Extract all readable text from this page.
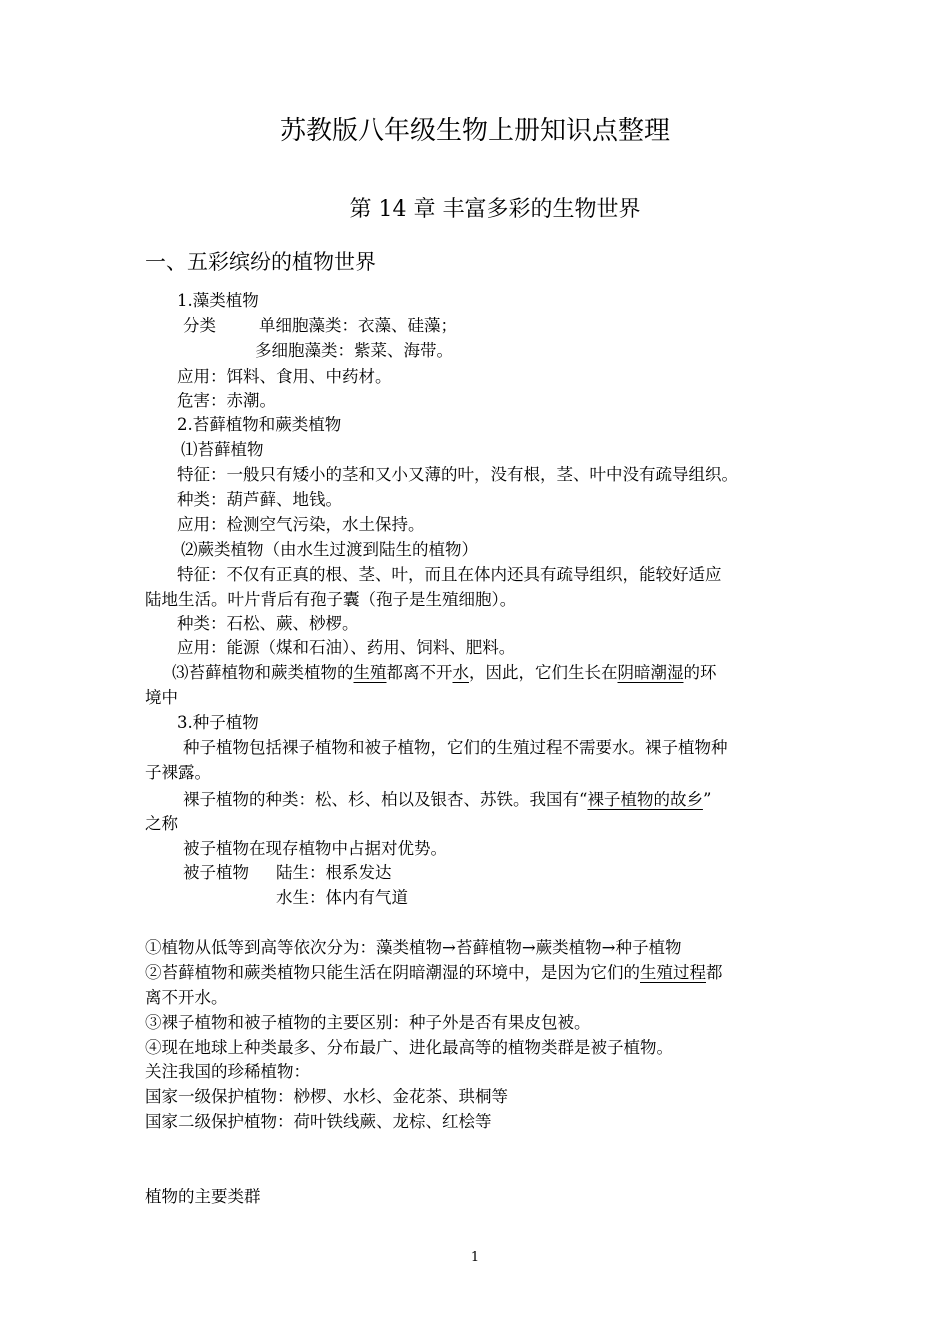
苏教版八年级生物上册知识点整理
第 14 章 丰富多彩的生物世界
一、五彩缤纷的植物世界
1.藻类植物
分类	单细胞藻类：衣藻、硅藻；
多细胞藻类：紫菜、海带。
应用：饵料、食用、中药材。
危害：赤潮。
2.苔藓植物和蕨类植物
⑴苔藓植物
特征：一般只有矮小的茎和又小又薄的叶，没有根，茎、叶中没有疏导组织。
种类：葫芦藓、地钱。
应用：检测空气污染，水土保持。
⑵蕨类植物（由水生过渡到陆生的植物）
特征：不仅有正真的根、茎、叶，而且在体内还具有疏导组织，能较好适应
陆地生活。叶片背后有孢子囊（孢子是生殖细胞）。
种类：石松、蕨、桫椤。
应用：能源（煤和石油）、药用、饲料、肥料。
⑶苔藓植物和蕨类植物的生殖都离不开水，因此，它们生长在阴暗潮湿的环
境中
3.种子植物
种子植物包括裸子植物和被子植物，它们的生殖过程不需要水。裸子植物种
子裸露。
裸子植物的种类：松、杉、柏以及银杏、苏铁。我国有“裸子植物的故乡”
之称
被子植物在现存植物中占据对优势。
被子植物 陆生：根系发达
水生：体内有气道
①植物从低等到高等依次分为：藻类植物→苔藓植物→蕨类植物→种子植物
②苔藓植物和蕨类植物只能生活在阴暗潮湿的环境中，是因为它们的生殖过程都
离不开水。
③裸子植物和被子植物的主要区别：种子外是否有果皮包被。
④现在地球上种类最多、分布最广、进化最高等的植物类群是被子植物。
关注我国的珍稀植物：
国家一级保护植物：桫椤、水杉、金花茶、珙桐等
国家二级保护植物：荷叶铁线蕨、龙棕、红桧等
植物的主要类群
1
